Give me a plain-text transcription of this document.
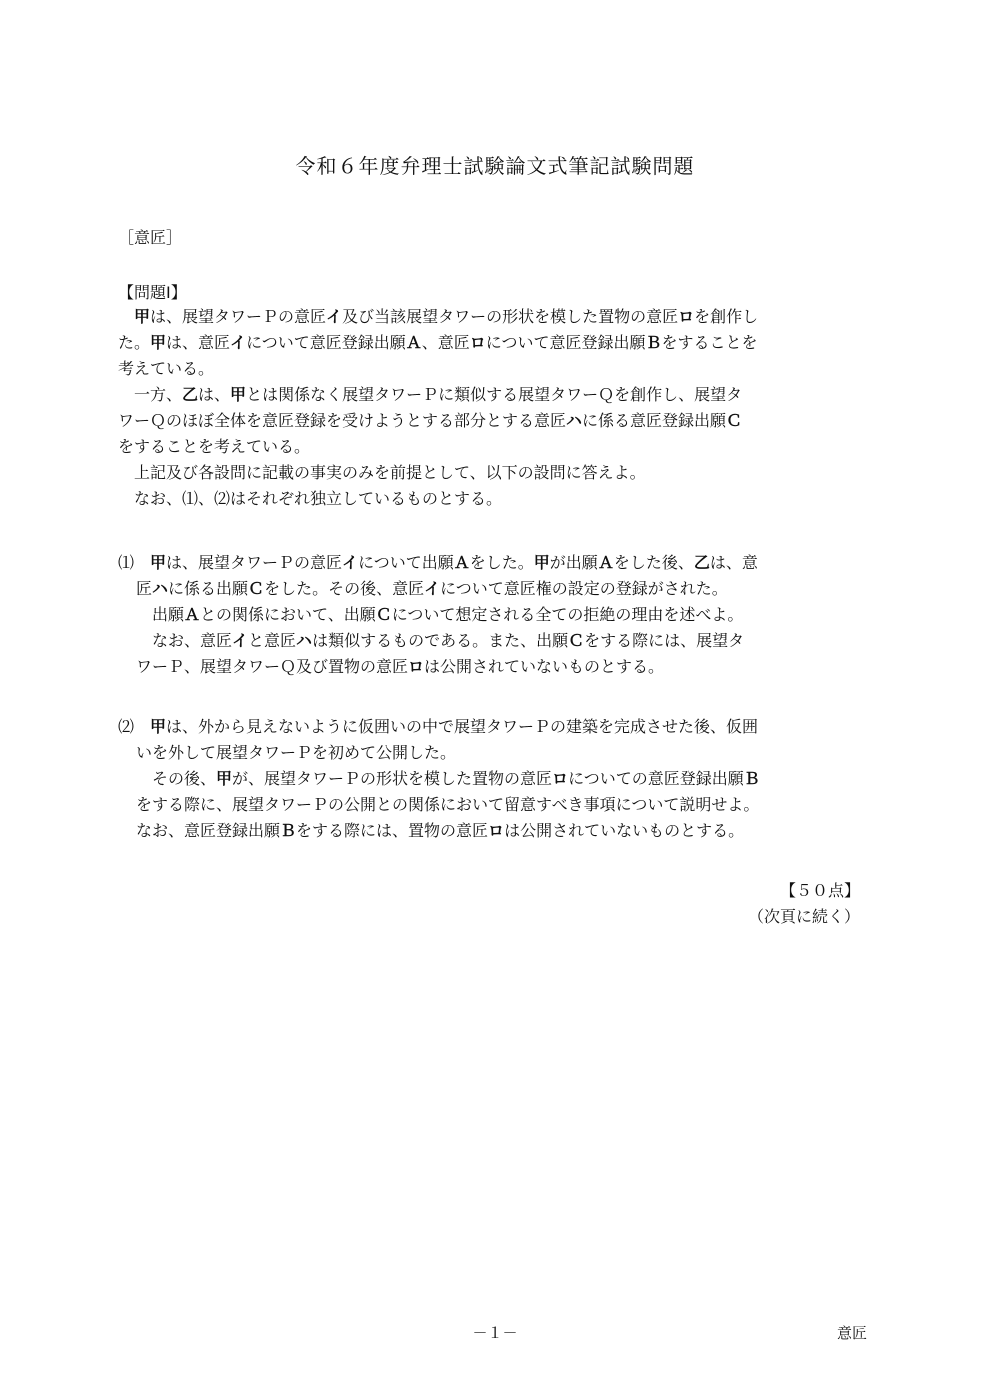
令和６年度弁理士試験論文式筆記試験問題
［意匠］
【問題Ⅰ】

　甲は、展望タワーＰの意匠イ及び当該展望タワーの形状を模した置物の意匠ロを創作し

た。甲は、意匠イについて意匠登録出願Ａ、意匠ロについて意匠登録出願Ｂをすることを

考えている。

　一方、乙は、甲とは関係なく展望タワーＰに類似する展望タワーＱを創作し、展望タ

ワーＱのほぼ全体を意匠登録を受けようとする部分とする意匠ハに係る意匠登録出願Ｃ

をすることを考えている。

　上記及び各設問に記載の事実のみを前提として、以下の設問に答えよ。

　なお、⑴、⑵はそれぞれ独立しているものとする。

⑴　甲は、展望タワーＰの意匠イについて出願Ａをした。甲が出願Ａをした後、乙は、意

匠ハに係る出願Ｃをした。その後、意匠イについて意匠権の設定の登録がされた。

　出願Ａとの関係において、出願Ｃについて想定される全ての拒絶の理由を述べよ。

　なお、意匠イと意匠ハは類似するものである。また、出願Ｃをする際には、展望タ

ワーＰ、展望タワーＱ及び置物の意匠ロは公開されていないものとする。

⑵　甲は、外から見えないように仮囲いの中で展望タワーＰの建築を完成させた後、仮囲

いを外して展望タワーＰを初めて公開した。

　その後、甲が、展望タワーＰの形状を模した置物の意匠ロについての意匠登録出願Ｂ

をする際に、展望タワーＰの公開との関係において留意すべき事項について説明せよ。

なお、意匠登録出願Ｂをする際には、置物の意匠ロは公開されていないものとする。

【５０点】
（次頁に続く）
－１－	意匠
